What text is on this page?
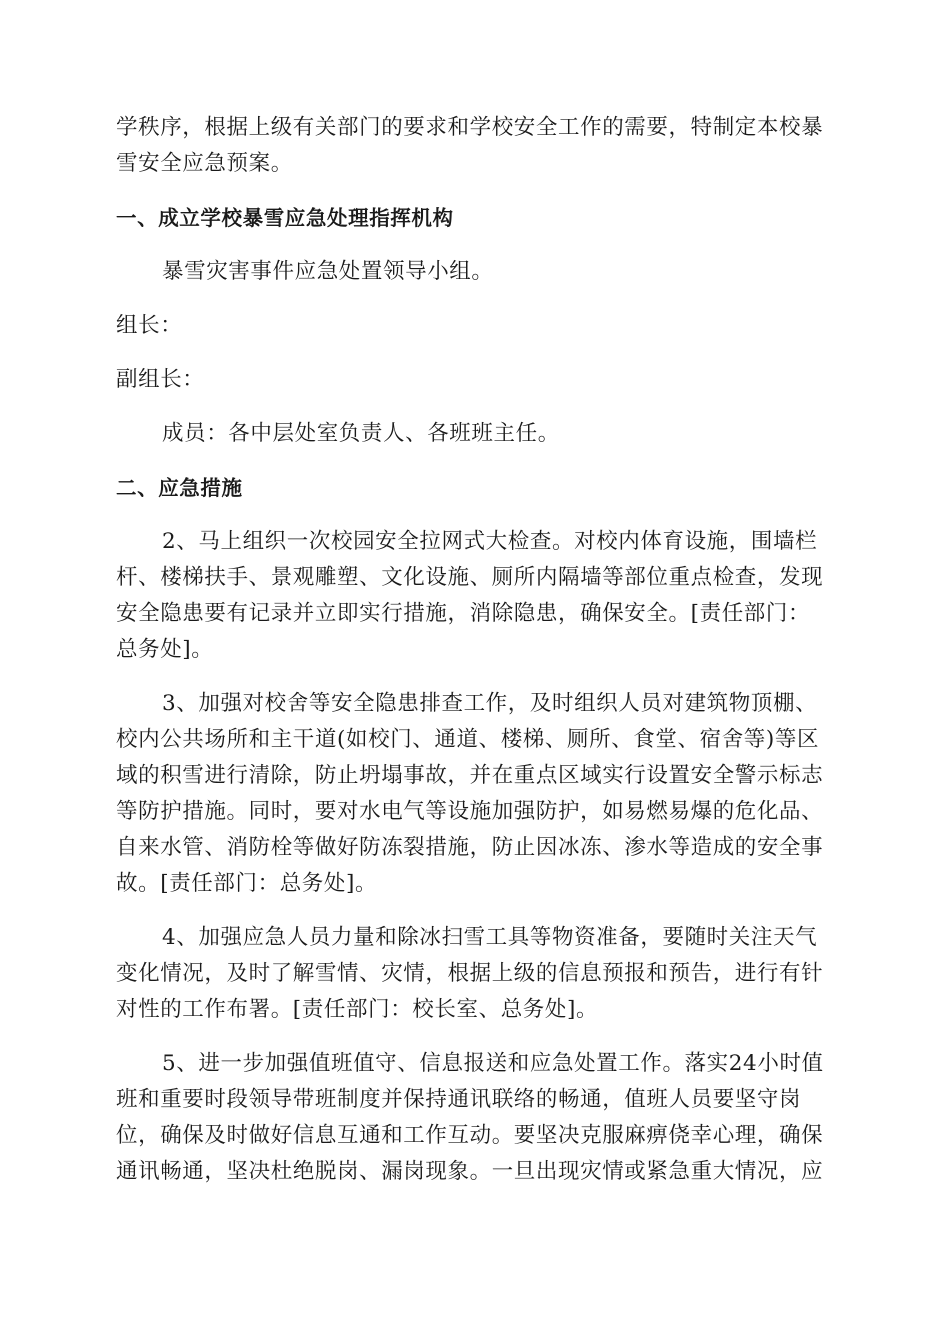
学秩序，根据上级有关部门的要求和学校安全工作的需要，特制定本校暴
雪安全应急预案。
一、成立学校暴雪应急处理指挥机构
暴雪灾害事件应急处置领导小组。
组长：
副组长：
成员：各中层处室负责人、各班班主任。
二、应急措施
2、马上组织一次校园安全拉网式大检查。对校内体育设施，围墙栏
杆、楼梯扶手、景观雕塑、文化设施、厕所内隔墙等部位重点检查，发现
安全隐患要有记录并立即实行措施，消除隐患，确保安全。[责任部门：
总务处]。
3、加强对校舍等安全隐患排查工作，及时组织人员对建筑物顶棚、
校内公共场所和主干道(如校门、通道、楼梯、厕所、食堂、宿舍等)等区
域的积雪进行清除，防止坍塌事故，并在重点区域实行设置安全警示标志
等防护措施。同时，要对水电气等设施加强防护，如易燃易爆的危化品、
自来水管、消防栓等做好防冻裂措施，防止因冰冻、渗水等造成的安全事
故。[责任部门：总务处]。
4、加强应急人员力量和除冰扫雪工具等物资准备，要随时关注天气
变化情况，及时了解雪情、灾情，根据上级的信息预报和预告，进行有针
对性的工作布署。[责任部门：校长室、总务处]。
5、进一步加强值班值守、信息报送和应急处置工作。落实24小时值
班和重要时段领导带班制度并保持通讯联络的畅通，值班人员要坚守岗
位，确保及时做好信息互通和工作互动。要坚决克服麻痹侥幸心理，确保
通讯畅通，坚决杜绝脱岗、漏岗现象。一旦出现灾情或紧急重大情况，应
